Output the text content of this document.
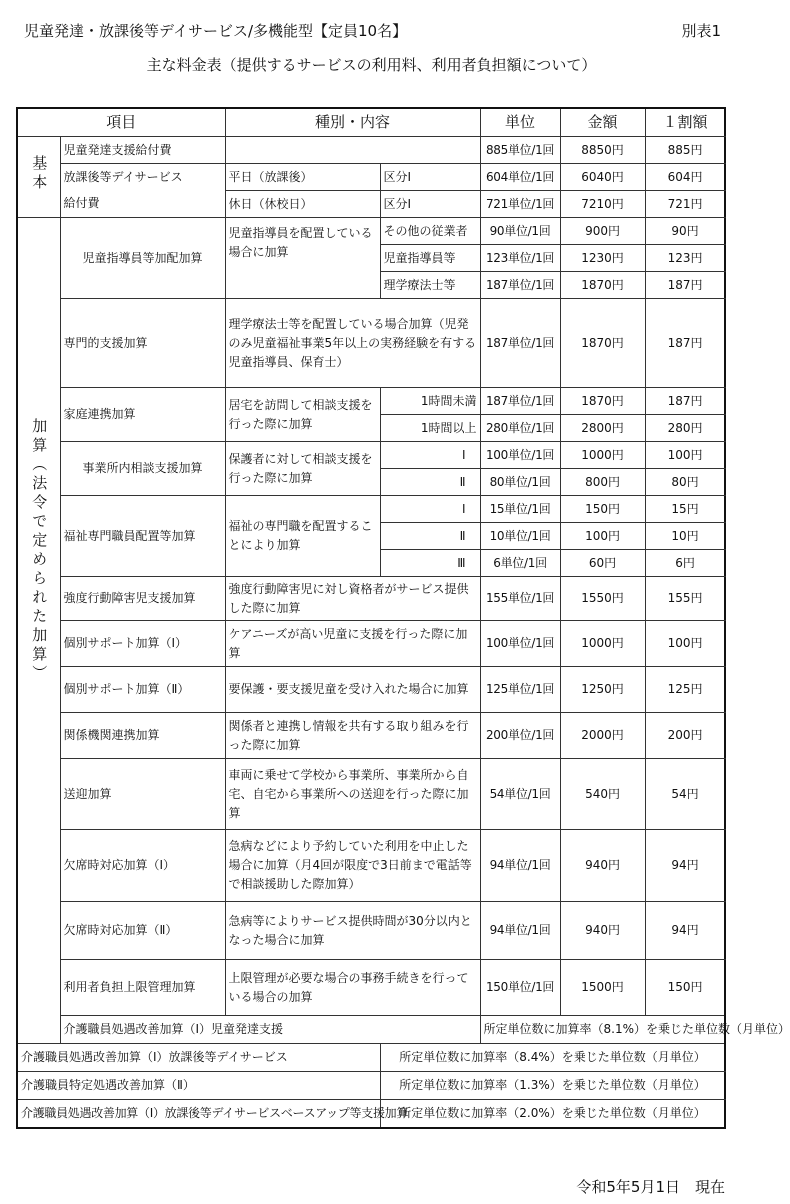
児童発達・放課後等デイサービス/多機能型【定員10名】	別表1
主な料金表（提供するサービスの利用料、利用者負担額について）
項目		種別・内容		単位	金額	１割額
基本	児童発達支援給付費			885単位/1回	8850円	885円
	放課後等デイサービス	平日（放課後）	区分Ⅰ	604単位/1回	6040円	604円
	給付費	休日（休校日）	区分Ⅰ	721単位/1回	7210円	721円
加算（法令で定められた加算）	児童指導員等加配加算	児童指導員を配置している場合に加算	その他の従業者	90単位/1回	900円	90円
			児童指導員等	123単位/1回	1230円	123円
			理学療法士等	187単位/1回	1870円	187円
	専門的支援加算	理学療法士等を配置している場合加算（児発のみ児童福祉事業5年以上の実務経験を有する児童指導員、保育士）		187単位/1回	1870円	187円
	家庭連携加算	居宅を訪問して相談支援を行った際に加算	1時間未満	187単位/1回	1870円	187円
			1時間以上	280単位/1回	2800円	280円
	事業所内相談支援加算	保護者に対して相談支援を行った際に加算	Ⅰ	100単位/1回	1000円	100円
			Ⅱ	80単位/1回	800円	80円
	福祉専門職員配置等加算	福祉の専門職を配置することにより加算	Ⅰ	15単位/1回	150円	15円
			Ⅱ	10単位/1回	100円	10円
			Ⅲ	6単位/1回	60円	6円
	強度行動障害児支援加算	強度行動障害児に対し資格者がサービス提供した際に加算		155単位/1回	1550円	155円
	個別サポート加算（Ⅰ）	ケアニーズが高い児童に支援を行った際に加算		100単位/1回	1000円	100円
	個別サポート加算（Ⅱ）	要保護・要支援児童を受け入れた場合に加算		125単位/1回	1250円	125円
	関係機関連携加算	関係者と連携し情報を共有する取り組みを行った際に加算		200単位/1回	2000円	200円
	送迎加算	車両に乗せて学校から事業所、事業所から自宅、自宅から事業所への送迎を行った際に加算		54単位/1回	540円	54円
	欠席時対応加算（Ⅰ）	急病などにより予約していた利用を中止した場合に加算（月4回が限度で3日前まで電話等で相談援助した際加算）		94単位/1回	940円	94円
	欠席時対応加算（Ⅱ）	急病等によりサービス提供時間が30分以内となった場合に加算		94単位/1回	940円	94円
	利用者負担上限管理加算	上限管理が必要な場合の事務手続きを行っている場合の加算		150単位/1回	1500円	150円
	介護職員処遇改善加算（Ⅰ）児童発達支援			所定単位数に加算率（8.1%）を乗じた単位数（月単位）		
介護職員処遇改善加算（Ⅰ）放課後等デイサービス			所定単位数に加算率（8.4%）を乗じた単位数（月単位）			
介護職員特定処遇改善加算（Ⅱ）			所定単位数に加算率（1.3%）を乗じた単位数（月単位）			
介護職員処遇改善加算（Ⅰ）放課後等デイサービスベースアップ等支援加算			所定単位数に加算率（2.0%）を乗じた単位数（月単位）			
令和5年5月1日　現在
